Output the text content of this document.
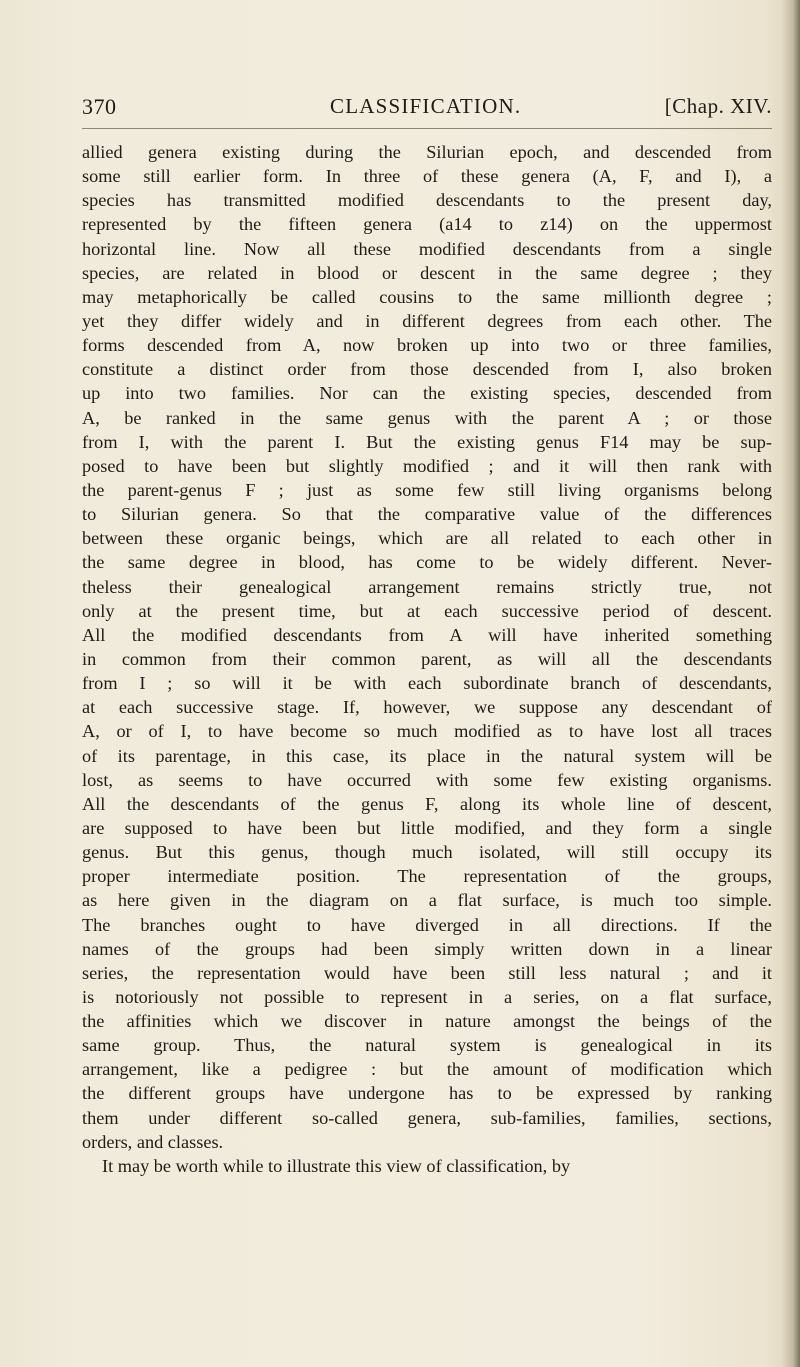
370	CLASSIFICATION.	[Chap. XIV.
allied genera existing during the Silurian epoch, and descended from
some still earlier form. In three of these genera (A, F, and I), a
species has transmitted modified descendants to the present day,
represented by the fifteen genera (a14 to z14) on the uppermost
horizontal line. Now all these modified descendants from a single
species, are related in blood or descent in the same degree ; they
may metaphorically be called cousins to the same millionth degree ;
yet they differ widely and in different degrees from each other. The
forms descended from A, now broken up into two or three families,
constitute a distinct order from those descended from I, also broken
up into two families. Nor can the existing species, descended from
A, be ranked in the same genus with the parent A ; or those
from I, with the parent I. But the existing genus F14 may be sup-
posed to have been but slightly modified ; and it will then rank with
the parent-genus F ; just as some few still living organisms belong
to Silurian genera. So that the comparative value of the differences
between these organic beings, which are all related to each other in
the same degree in blood, has come to be widely different. Never-
theless their genealogical arrangement remains strictly true, not
only at the present time, but at each successive period of descent.
All the modified descendants from A will have inherited something
in common from their common parent, as will all the descendants
from I ; so will it be with each subordinate branch of descendants,
at each successive stage. If, however, we suppose any descendant of
A, or of I, to have become so much modified as to have lost all traces
of its parentage, in this case, its place in the natural system will be
lost, as seems to have occurred with some few existing organisms.
All the descendants of the genus F, along its whole line of descent,
are supposed to have been but little modified, and they form a single
genus. But this genus, though much isolated, will still occupy its
proper intermediate position. The representation of the groups,
as here given in the diagram on a flat surface, is much too simple.
The branches ought to have diverged in all directions. If the
names of the groups had been simply written down in a linear
series, the representation would have been still less natural ; and it
is notoriously not possible to represent in a series, on a flat surface,
the affinities which we discover in nature amongst the beings of the
same group. Thus, the natural system is genealogical in its
arrangement, like a pedigree : but the amount of modification which
the different groups have undergone has to be expressed by ranking
them under different so-called genera, sub-families, families, sections,
orders, and classes.
It may be worth while to illustrate this view of classification, by
